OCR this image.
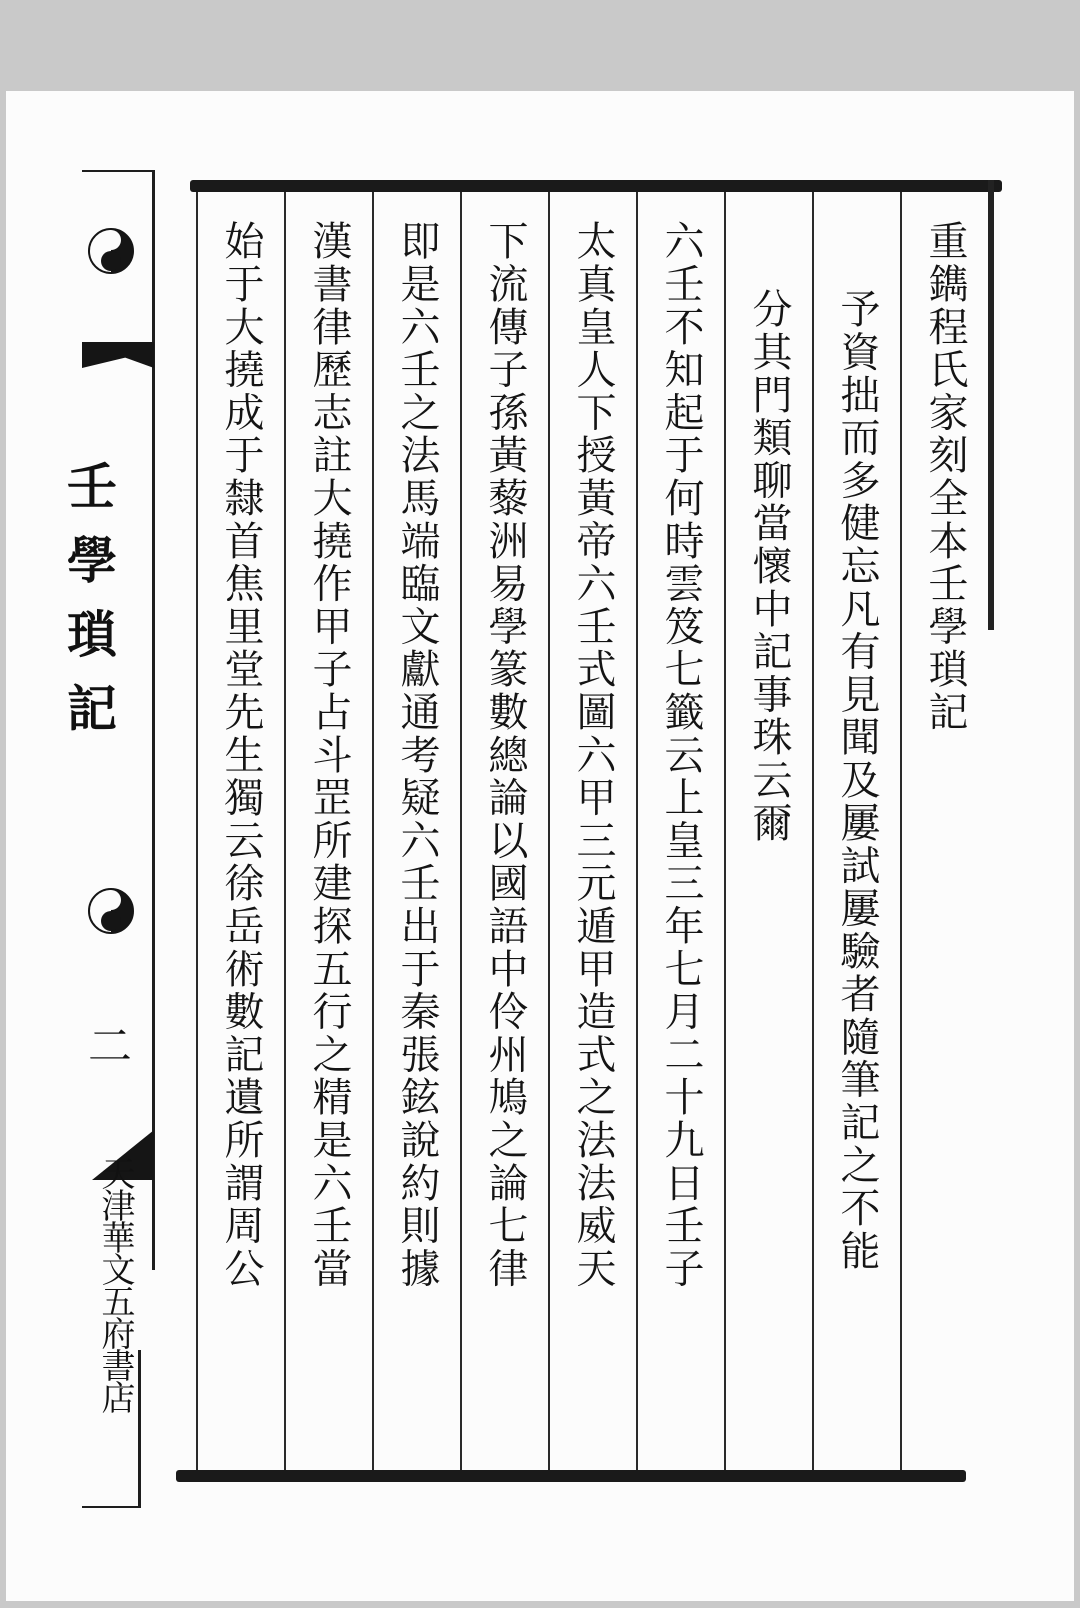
壬學瑣記
二
天津華文五府書店
重鐫程氏家刻全本壬學瑣記
予資拙而多健忘凡有見聞及屢試屢驗者隨筆記之不能
分其門類聊當懷中記事珠云爾
六壬不知起于何時雲笈七籤云上皇三年七月二十九日壬子
太真皇人下授黃帝六壬式圖六甲三元遁甲造式之法法威天
下流傳子孫黃藜洲易學篆數總論以國語中伶州鳩之論七律
即是六壬之法馬端臨文獻通考疑六壬出于秦張鉉說約則據
漢書律歷志註大撓作甲子占斗罡所建探五行之精是六壬當
始于大撓成于隸首焦里堂先生獨云徐岳術數記遺所謂周公
